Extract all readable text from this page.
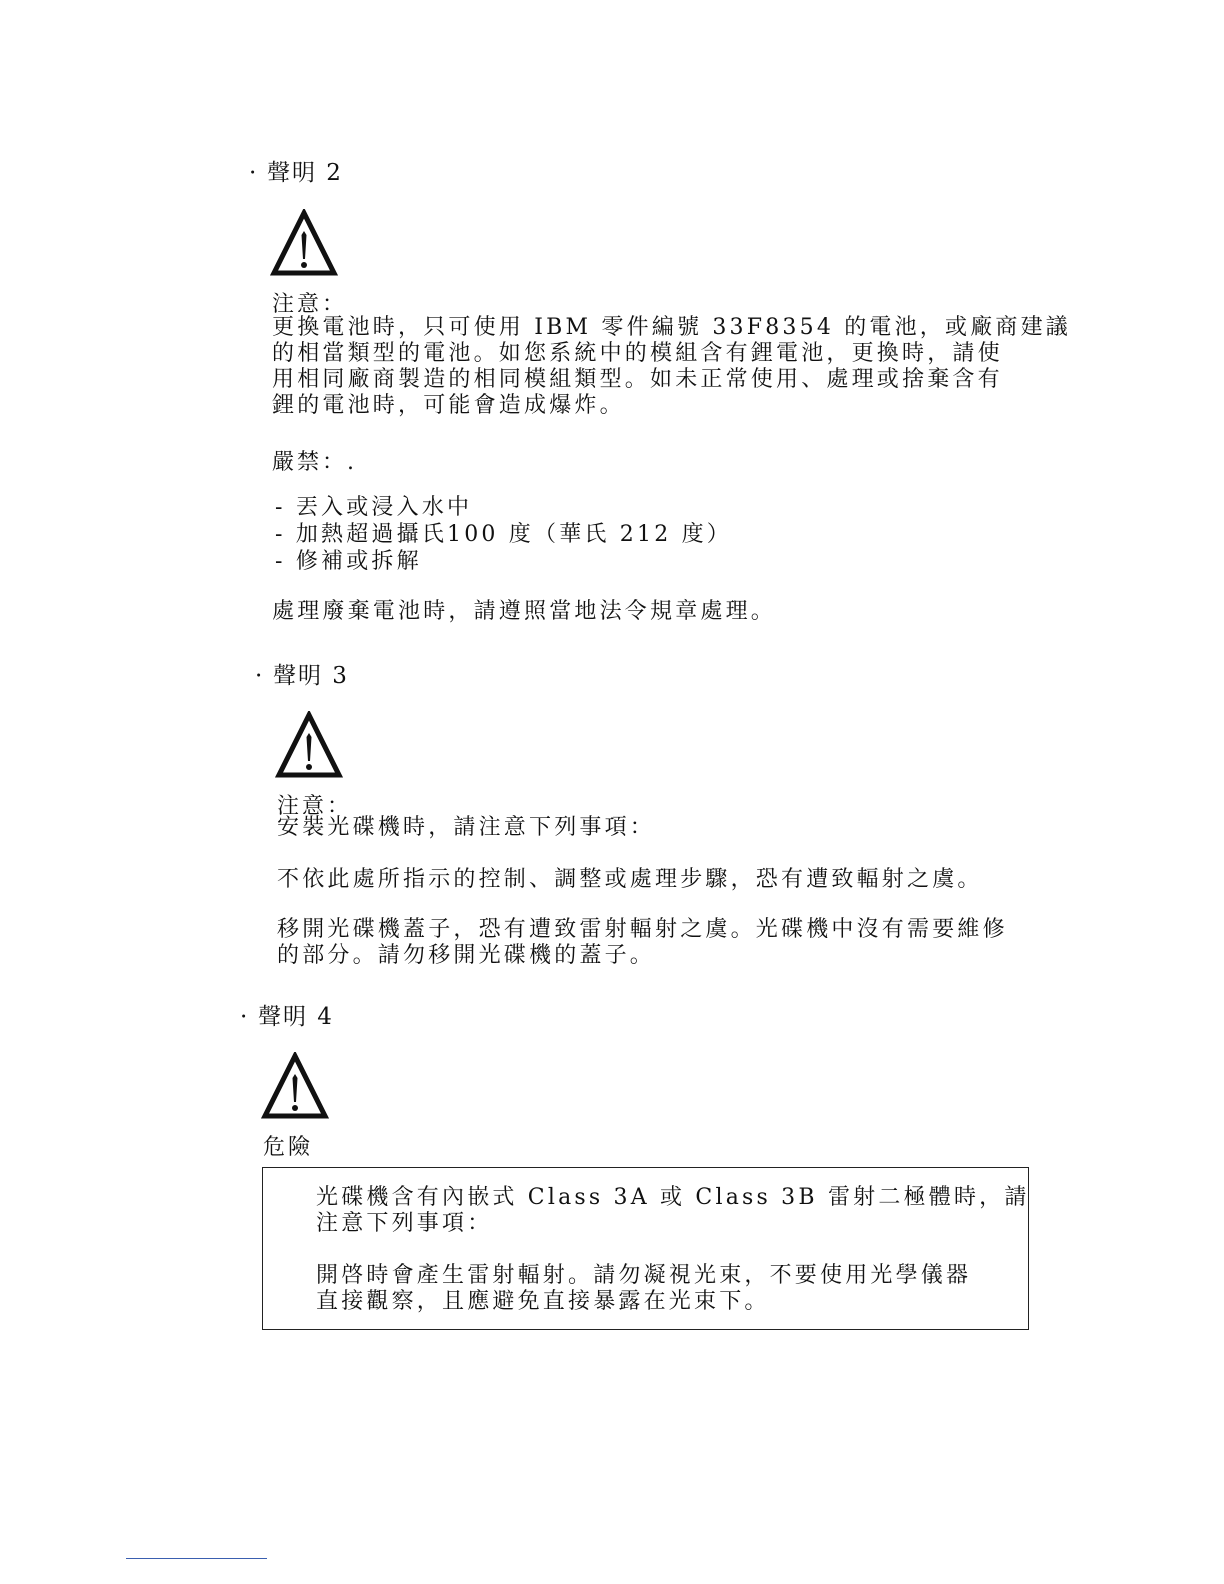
· 聲明 2
注意：
更換電池時，只可使用 IBM 零件編號 33F8354 的電池，或廠商建議
的相當類型的電池。如您系統中的模組含有鋰電池，更換時，請使
用相同廠商製造的相同模組類型。如未正常使用、處理或捨棄含有
鋰的電池時，可能會造成爆炸。
嚴禁：.
- 丟入或浸入水中
- 加熱超過攝氏100 度（華氏 212 度）
- 修補或拆解
處理廢棄電池時，請遵照當地法令規章處理。
· 聲明 3
注意：
安裝光碟機時，請注意下列事項：
不依此處所指示的控制、調整或處理步驟，恐有遭致輻射之虞。
移開光碟機蓋子，恐有遭致雷射輻射之虞。光碟機中沒有需要維修
的部分。請勿移開光碟機的蓋子。
· 聲明 4
危險
光碟機含有內嵌式 Class 3A 或 Class 3B 雷射二極體時，請
注意下列事項：
開啓時會產生雷射輻射。請勿凝視光束，不要使用光學儀器
直接觀察，且應避免直接暴露在光束下。
